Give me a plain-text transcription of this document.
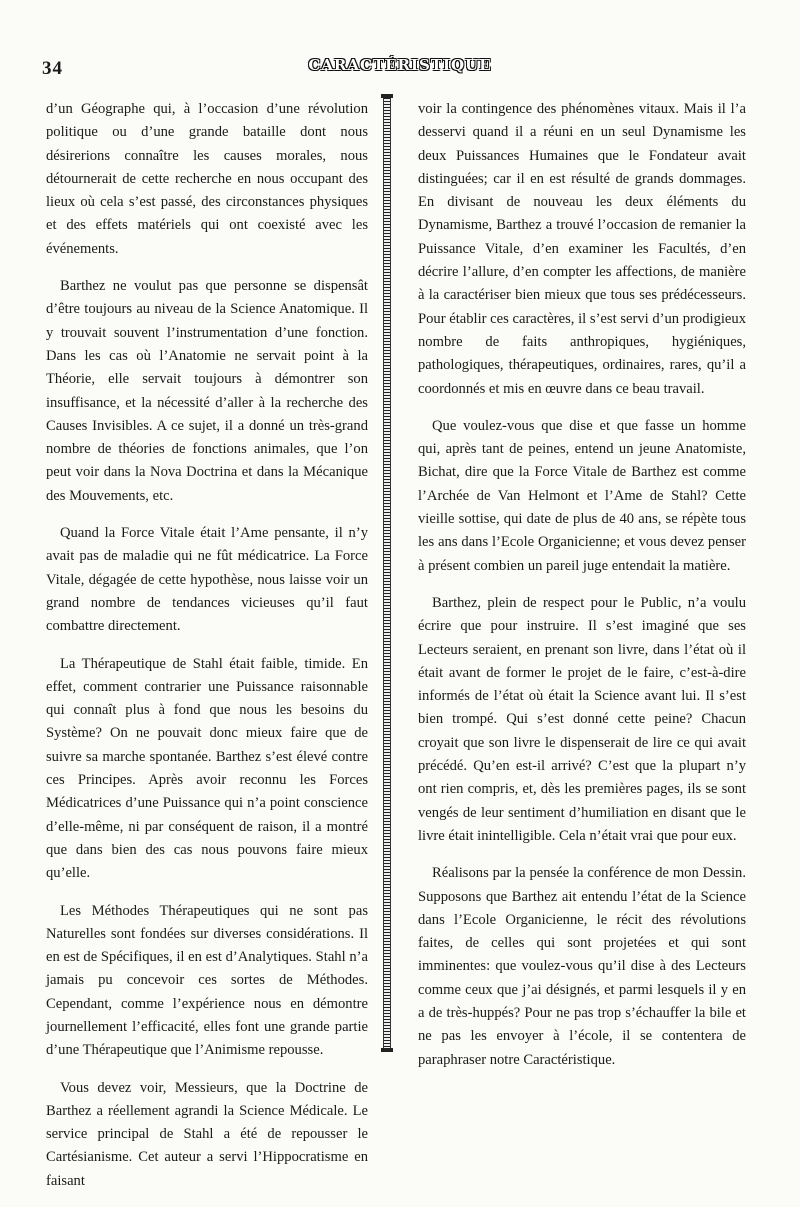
34	CARACTÉRISTIQUE

d’un Géographe qui, à l’occasion d’une révolution politique ou d’une grande bataille dont nous désirerions connaître les causes morales, nous détournerait de cette recherche en nous occupant des lieux où cela s’est passé, des circonstances physiques et des effets matériels qui ont coexisté avec les événements.

Barthez ne voulut pas que personne se dispensât d’être toujours au niveau de la Science Anatomique. Il y trouvait souvent l’instrumentation d’une fonction. Dans les cas où l’Anatomie ne servait point à la Théorie, elle servait toujours à démontrer son insuffisance, et la nécessité d’aller à la recherche des Causes Invisibles. A ce sujet, il a donné un très-grand nombre de théories de fonctions animales, que l’on peut voir dans la Nova Doctrina et dans la Mécanique des Mouvements, etc.

Quand la Force Vitale était l’Ame pensante, il n’y avait pas de maladie qui ne fût médicatrice. La Force Vitale, dégagée de cette hypothèse, nous laisse voir un grand nombre de tendances vicieuses qu’il faut combattre directement.

La Thérapeutique de Stahl était faible, timide. En effet, comment contrarier une Puissance raisonnable qui connaît plus à fond que nous les besoins du Système? On ne pouvait donc mieux faire que de suivre sa marche spontanée. Barthez s’est élevé contre ces Principes. Après avoir reconnu les Forces Médicatrices d’une Puissance qui n’a point conscience d’elle-même, ni par conséquent de raison, il a montré que dans bien des cas nous pouvons faire mieux qu’elle.

Les Méthodes Thérapeutiques qui ne sont pas Naturelles sont fondées sur diverses considérations. Il en est de Spécifiques, il en est d’Analytiques. Stahl n’a jamais pu concevoir ces sortes de Méthodes. Cependant, comme l’expérience nous en démontre journellement l’efficacité, elles font une grande partie d’une Thérapeutique que l’Animisme repousse.

Vous devez voir, Messieurs, que la Doctrine de Barthez a réellement agrandi la Science Médicale. Le service principal de Stahl a été de repousser le Cartésianisme. Cet auteur a servi l’Hippocratisme en faisant

voir la contingence des phénomènes vitaux. Mais il l’a desservi quand il a réuni en un seul Dynamisme les deux Puissances Humaines que le Fondateur avait distinguées; car il en est résulté de grands dommages. En divisant de nouveau les deux éléments du Dynamisme, Barthez a trouvé l’occasion de remanier la Puissance Vitale, d’en examiner les Facultés, d’en décrire l’allure, d’en compter les affections, de manière à la caractériser bien mieux que tous ses prédécesseurs. Pour établir ces caractères, il s’est servi d’un prodigieux nombre de faits anthropiques, hygiéniques, pathologiques, thérapeutiques, ordinaires, rares, qu’il a coordonnés et mis en œuvre dans ce beau travail.

Que voulez-vous que dise et que fasse un homme qui, après tant de peines, entend un jeune Anatomiste, Bichat, dire que la Force Vitale de Barthez est comme l’Archée de Van Helmont et l’Ame de Stahl? Cette vieille sottise, qui date de plus de 40 ans, se répète tous les ans dans l’Ecole Organicienne; et vous devez penser à présent combien un pareil juge entendait la matière.

Barthez, plein de respect pour le Public, n’a voulu écrire que pour instruire. Il s’est imaginé que ses Lecteurs seraient, en prenant son livre, dans l’état où il était avant de former le projet de le faire, c’est-à-dire informés de l’état où était la Science avant lui. Il s’est bien trompé. Qui s’est donné cette peine? Chacun croyait que son livre le dispenserait de lire ce qui avait précédé. Qu’en est-il arrivé? C’est que la plupart n’y ont rien compris, et, dès les premières pages, ils se sont vengés de leur sentiment d’humiliation en disant que le livre était inintelligible. Cela n’était vrai que pour eux.

Réalisons par la pensée la conférence de mon Dessin. Supposons que Barthez ait entendu l’état de la Science dans l’Ecole Organicienne, le récit des révolutions faites, de celles qui sont projetées et qui sont imminentes: que voulez-vous qu’il dise à des Lecteurs comme ceux que j’ai désignés, et parmi lesquels il y en a de très-huppés? Pour ne pas trop s’échauffer la bile et ne pas les envoyer à l’école, il se contentera de paraphraser notre Caractéristique.
